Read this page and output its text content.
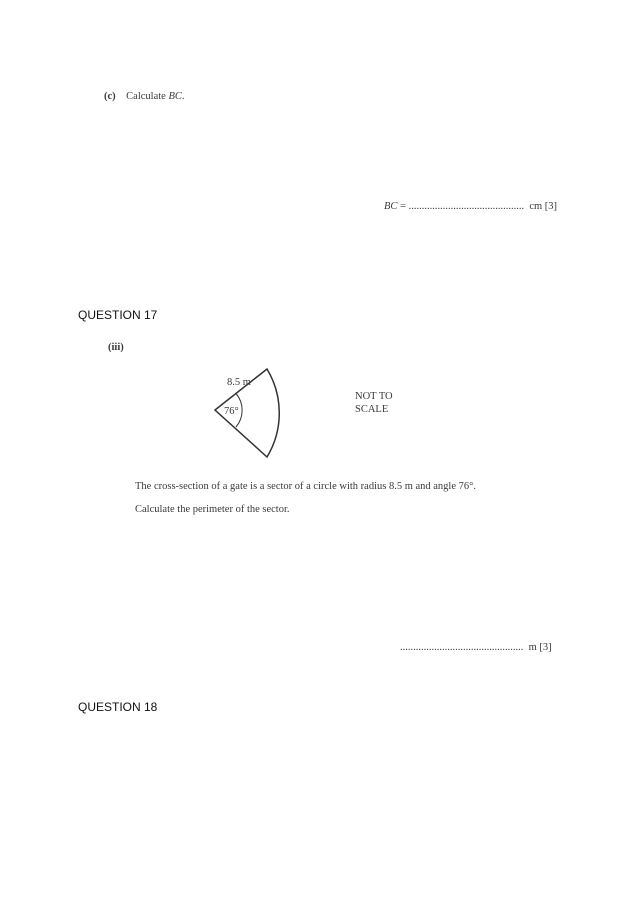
(c) Calculate BC.
BC = ............................................ cm [3]
QUESTION 17
(iii)
8.5 m
76°
NOT TO
SCALE
The cross-section of a gate is a sector of a circle with radius 8.5 m and angle 76°.
Calculate the perimeter of the sector.
............................................... m [3]
QUESTION 18
